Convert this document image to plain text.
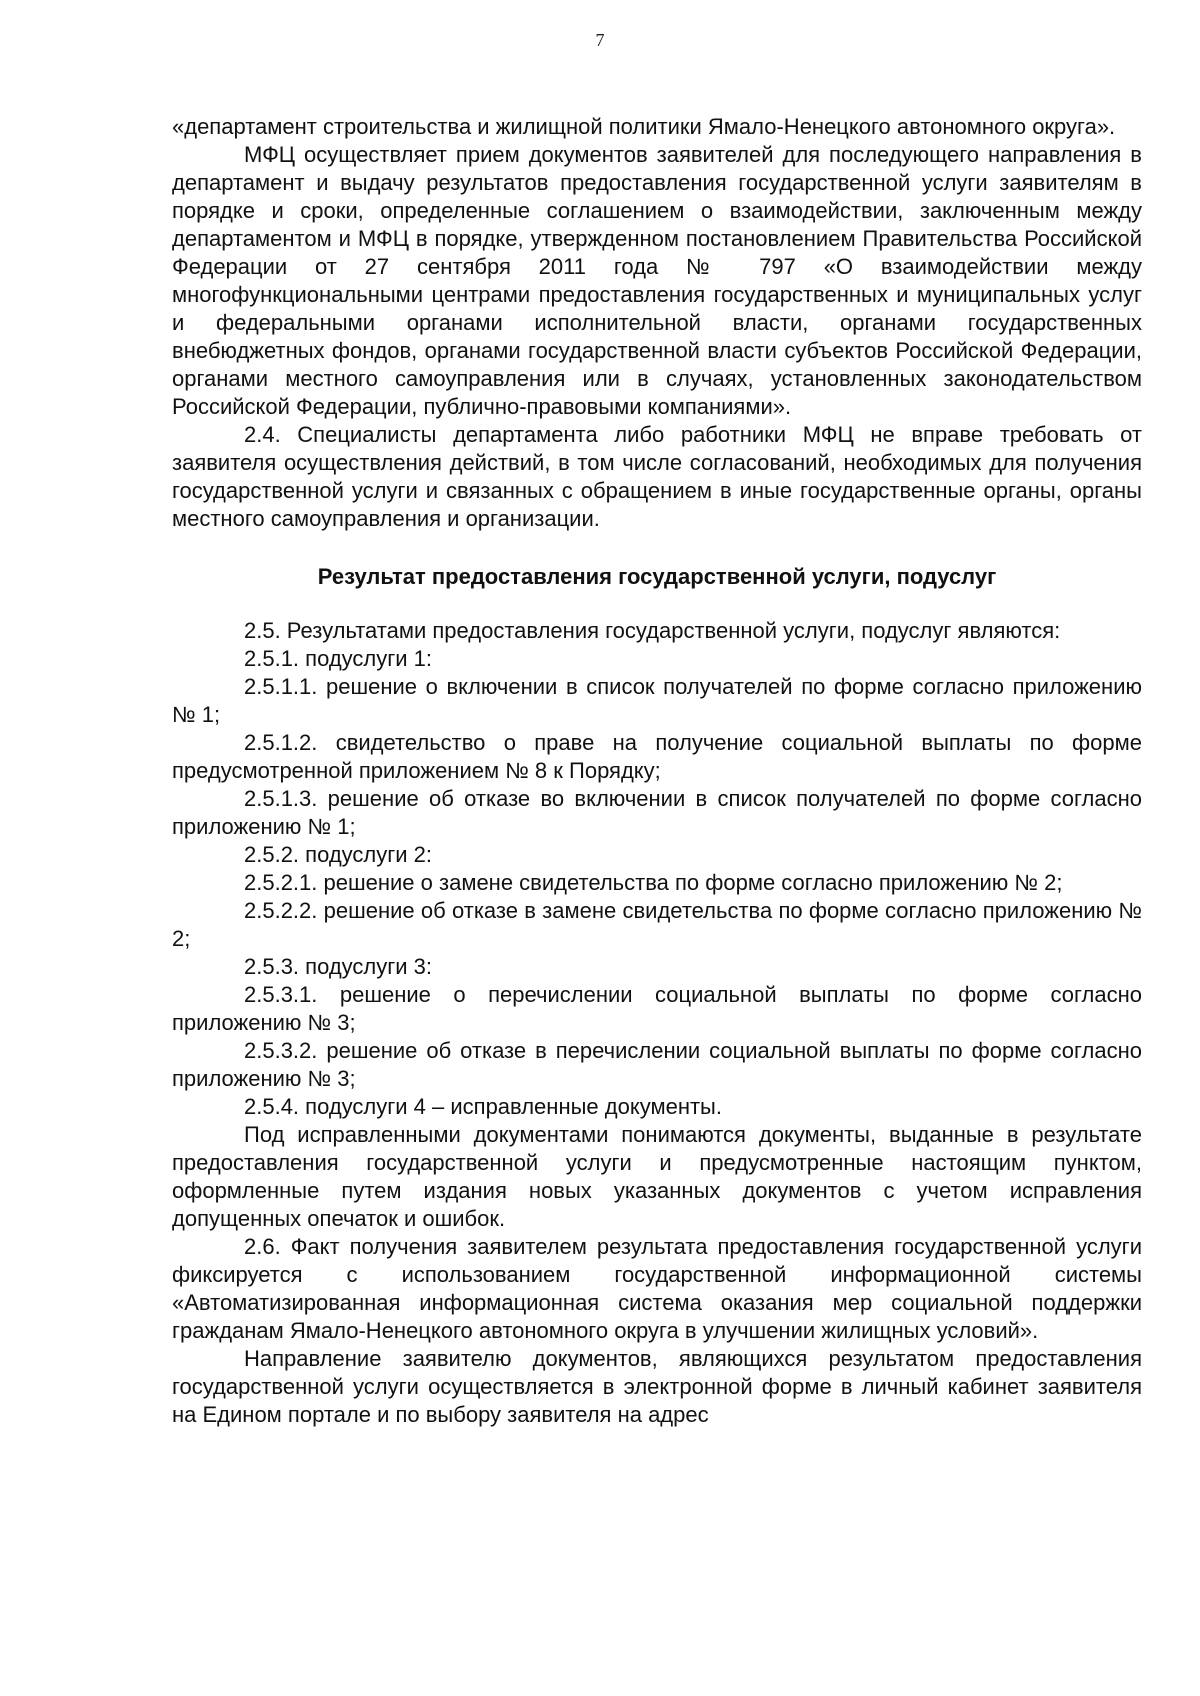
7

«департамент строительства и жилищной политики Ямало-Ненецкого автономного округа».

МФЦ осуществляет прием документов заявителей для последующего направления в департамент и выдачу результатов предоставления государственной услуги заявителям в порядке и сроки, определенные соглашением о взаимодействии, заключенным между департаментом и МФЦ в порядке, утвержденном постановлением Правительства Российской Федерации от 27 сентября 2011 года № 797 «О взаимодействии между многофункциональными центрами предоставления государственных и муниципальных услуг и федеральными органами исполнительной власти, органами государственных внебюджетных фондов, органами государственной власти субъектов Российской Федерации, органами местного самоуправления или в случаях, установленных законодательством Российской Федерации, публично-правовыми компаниями».

2.4. Специалисты департамента либо работники МФЦ не вправе требовать от заявителя осуществления действий, в том числе согласований, необходимых для получения государственной услуги и связанных с обращением в иные государственные органы, органы местного самоуправления и организации.

Результат предоставления государственной услуги, подуслуг

2.5. Результатами предоставления государственной услуги, подуслуг являются:

2.5.1. подуслуги 1:

2.5.1.1. решение о включении в список получателей по форме согласно приложению № 1;

2.5.1.2. свидетельство о праве на получение социальной выплаты по форме предусмотренной приложением № 8 к Порядку;

2.5.1.3. решение об отказе во включении в список получателей по форме согласно приложению № 1;

2.5.2. подуслуги 2:

2.5.2.1. решение о замене свидетельства по форме согласно приложению № 2;

2.5.2.2. решение об отказе в замене свидетельства по форме согласно приложению № 2;

2.5.3. подуслуги 3:

2.5.3.1. решение о перечислении социальной выплаты по форме согласно приложению № 3;

2.5.3.2. решение об отказе в перечислении социальной выплаты по форме согласно приложению № 3;

2.5.4. подуслуги 4 – исправленные документы.

Под исправленными документами понимаются документы, выданные в результате предоставления государственной услуги и предусмотренные настоящим пунктом, оформленные путем издания новых указанных документов с учетом исправления допущенных опечаток и ошибок.

2.6. Факт получения заявителем результата предоставления государственной услуги фиксируется с использованием государственной информационной системы «Автоматизированная информационная система оказания мер социальной поддержки гражданам Ямало-Ненецкого автономного округа в улучшении жилищных условий».

Направление заявителю документов, являющихся результатом предоставления государственной услуги осуществляется в электронной форме в личный кабинет заявителя на Едином портале и по выбору заявителя на адрес
